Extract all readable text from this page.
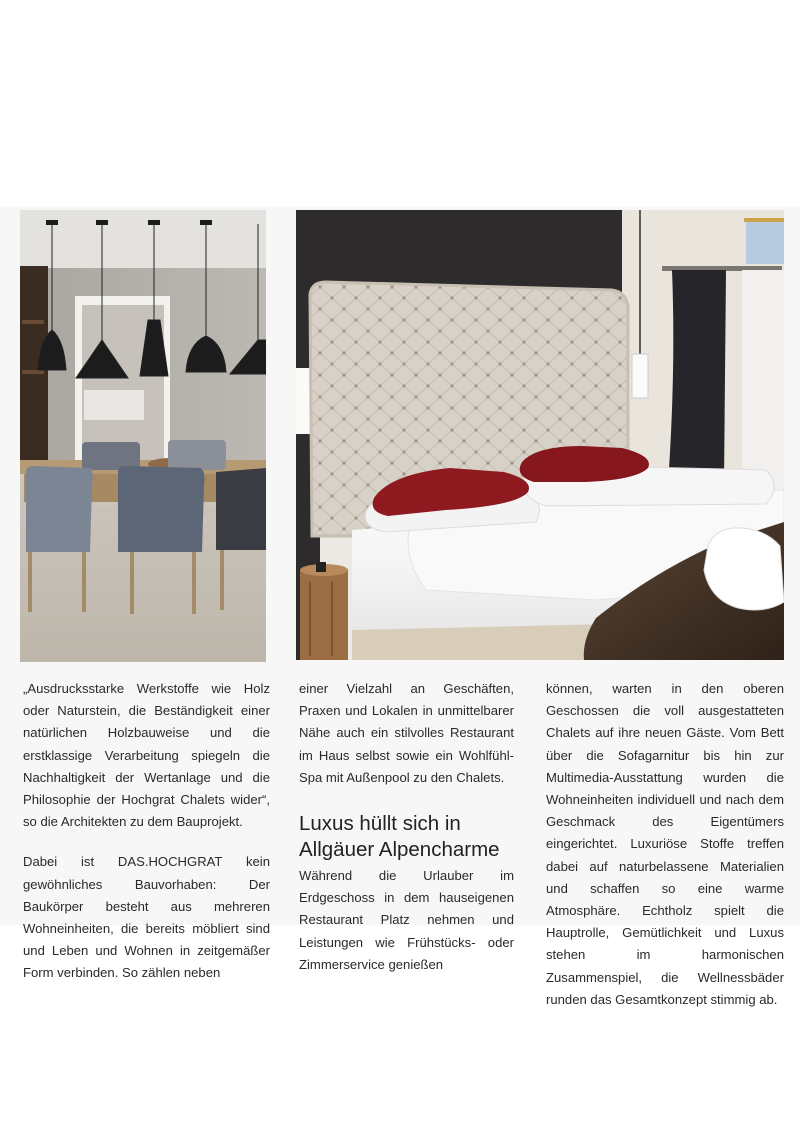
„Ausdrucksstarke Werkstoffe wie Holz oder Naturstein, die Beständigkeit einer natürlichen Holzbauweise und die erstklassige Verarbeitung spiegeln die Nachhaltigkeit der Wertanlage und die Philosophie der Hochgrat Chalets wider“, so die Architekten zu dem Bauprojekt.

Dabei ist DAS.HOCHGRAT kein gewöhnliches Bauvorhaben: Der Baukörper besteht aus mehreren Wohneinheiten, die bereits möbliert sind und Leben und Wohnen in zeitgemäßer Form verbinden. So zählen neben

einer Vielzahl an Geschäften, Praxen und Lokalen in unmittelbarer Nähe auch ein stilvolles Restaurant im Haus selbst sowie ein Wohlfühl-Spa mit Außenpool zu den Chalets.

Luxus hüllt sich in Allgäuer Alpencharme

Während die Urlauber im Erdgeschoss in dem hauseigenen Restaurant Platz nehmen und Leistungen wie Frühstücks- oder Zimmerservice genießen

können, warten in den oberen Geschossen die voll ausgestatteten Chalets auf ihre neuen Gäste. Vom Bett über die Sofagarnitur bis hin zur Multimedia-Ausstattung wurden die Wohneinheiten individuell und nach dem Geschmack des Eigentümers eingerichtet. Luxuriöse Stoffe treffen dabei auf naturbelassene Materialien und schaffen so eine warme Atmosphäre. Echtholz spielt die Hauptrolle, Gemütlichkeit und Luxus stehen im harmonischen Zusammenspiel, die Wellnessbäder runden das Gesamtkonzept stimmig ab.
